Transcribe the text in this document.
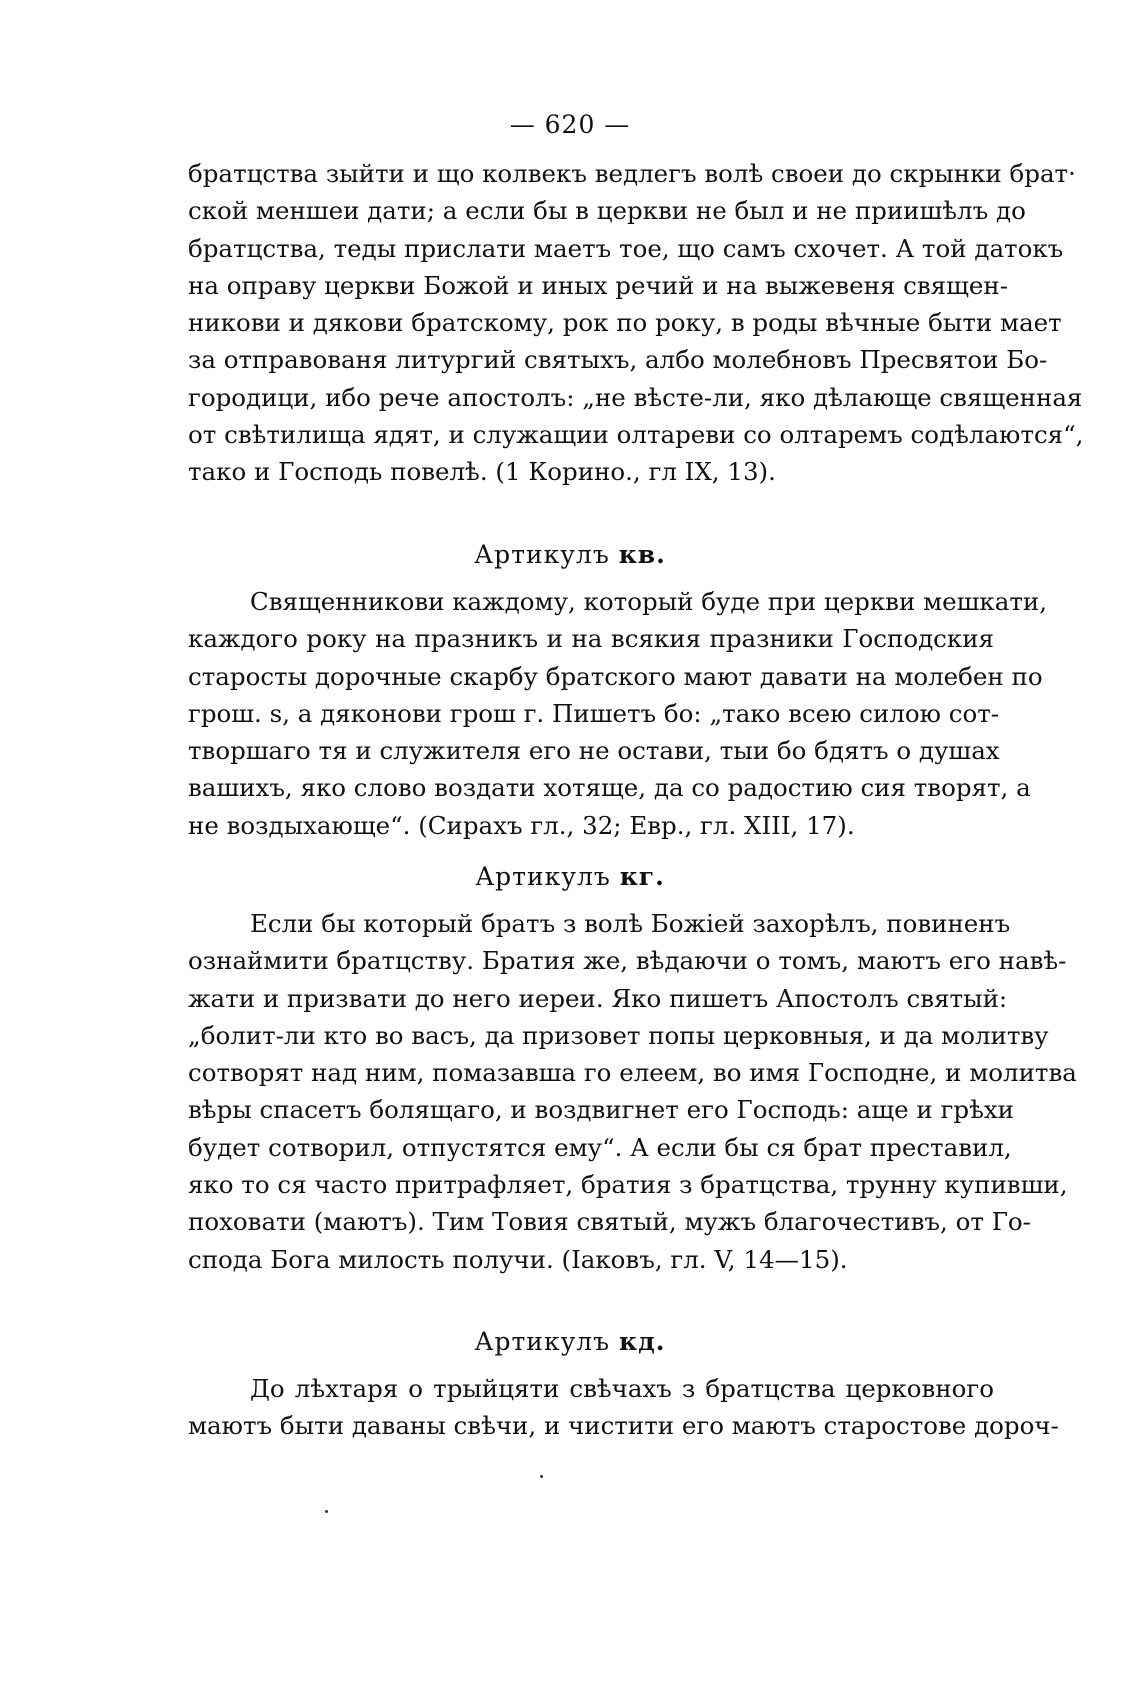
— 620 —
братцства зыйти и що колвекъ ведлегъ волѣ своеи до скрынки брат·
ской меншеи дати; а если бы в церкви не был и не приишѣлъ до
братцства, теды прислати маетъ тое, що самъ схочет. А той датокъ
на оправу церкви Божой и иных речий и на выжевеня священ-
никови и дякови братскому, рок по року, в роды вѣчные быти мает
за отправованя литургий святыхъ, албо молебновъ Пресвятои Бо-
городици, ибо рече апостолъ: „не вѣсте-ли, яко дѣлающе священная
от свѣтилища ядят, и служащии олтареви со олтаремъ содѣлаются“,
тако и Господь повелѣ. (1 Корино., гл IX, 13).
Артикулъ кв.
Священникови каждому, который буде при церкви мешкати,
каждого року на празникъ и на всякия празники Господския
старосты дорочные скарбу братского мают давати на молебен по
грош. ѕ, а дяконови грош г. Пишетъ бо: „тако всею силою сот-
творшаго тя и служителя его не остави, тыи бо бдятъ о душах
вашихъ, яко слово воздати хотяще, да со радостию сия творят, а
не воздыхающе“. (Сирахъ гл., 32; Евр., гл. XIII, 17).
Артикулъ кг.
Если бы который братъ з волѣ Божіей захорѣлъ, повиненъ
ознаймити братцству. Братия же, вѣдаючи о томъ, маютъ его навѣ-
жати и призвати до него иереи. Яко пишетъ Апостолъ святый:
„болит-ли кто во васъ, да призовет попы церковныя, и да молитву
сотворят над ним, помазавша го елеем, во имя Господне, и молитва
вѣры спасетъ болящаго, и воздвигнет его Господь: аще и грѣхи
будет сотворил, отпустятся ему“. А если бы ся брат преставил,
яко то ся часто притрафляет, братия з братцства, трунну купивши,
поховати (маютъ). Тим Товия святый, мужъ благочестивъ, от Го-
спода Бога милость получи. (Іаковъ, гл. V, 14—15).
Артикулъ кд.
До лѣхтаря о трыйцяти свѣчахъ з братцства церковного
маютъ быти даваны свѣчи, и чистити его маютъ старостове дороч-
